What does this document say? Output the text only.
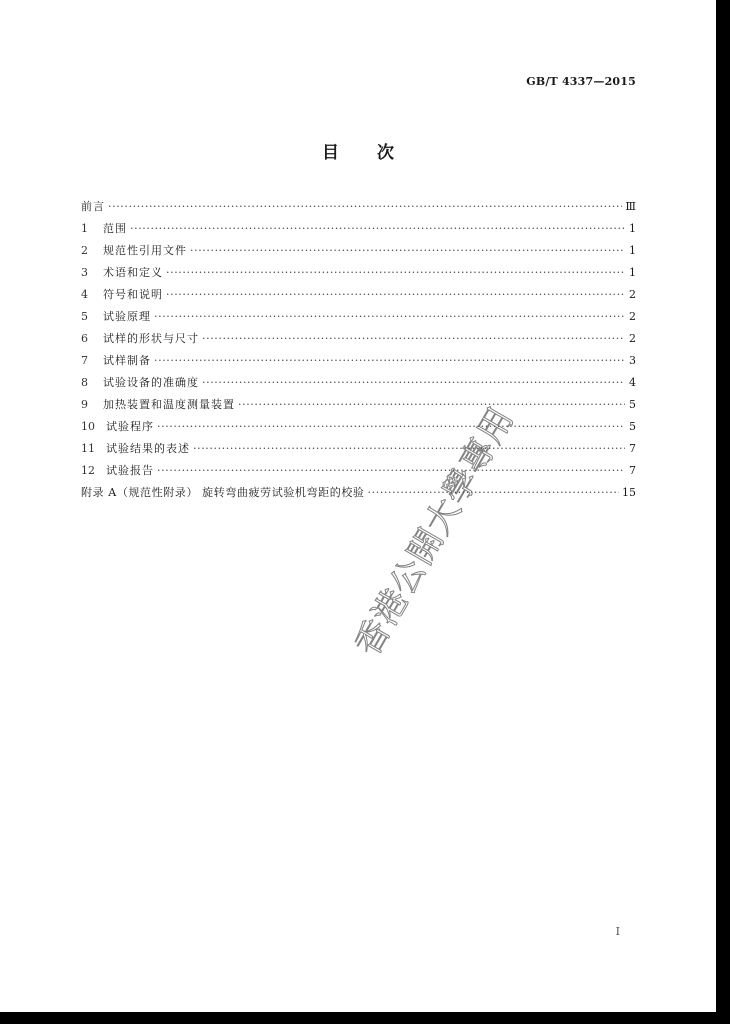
GB/T 4337—2015
目 次
前言 ·····	Ⅲ
1	范围 ·····	1
2	规范性引用文件 ·····	1
3	术语和定义 ·····	1
4	符号和说明 ·····	2
5	试验原理 ·····	2
6	试样的形状与尺寸 ·····	2
7	试样制备 ·····	3
8	试验设备的准确度 ·····	4
9	加热装置和温度测量装置 ·····	5
10	试验程序 ·····	5
11	试验结果的表述 ·····	7
12	试验报告 ·····	7
附录 A（规范性附录） 旋转弯曲疲劳试验机弯距的校验 ·····	15
香港公開大學專用
I
